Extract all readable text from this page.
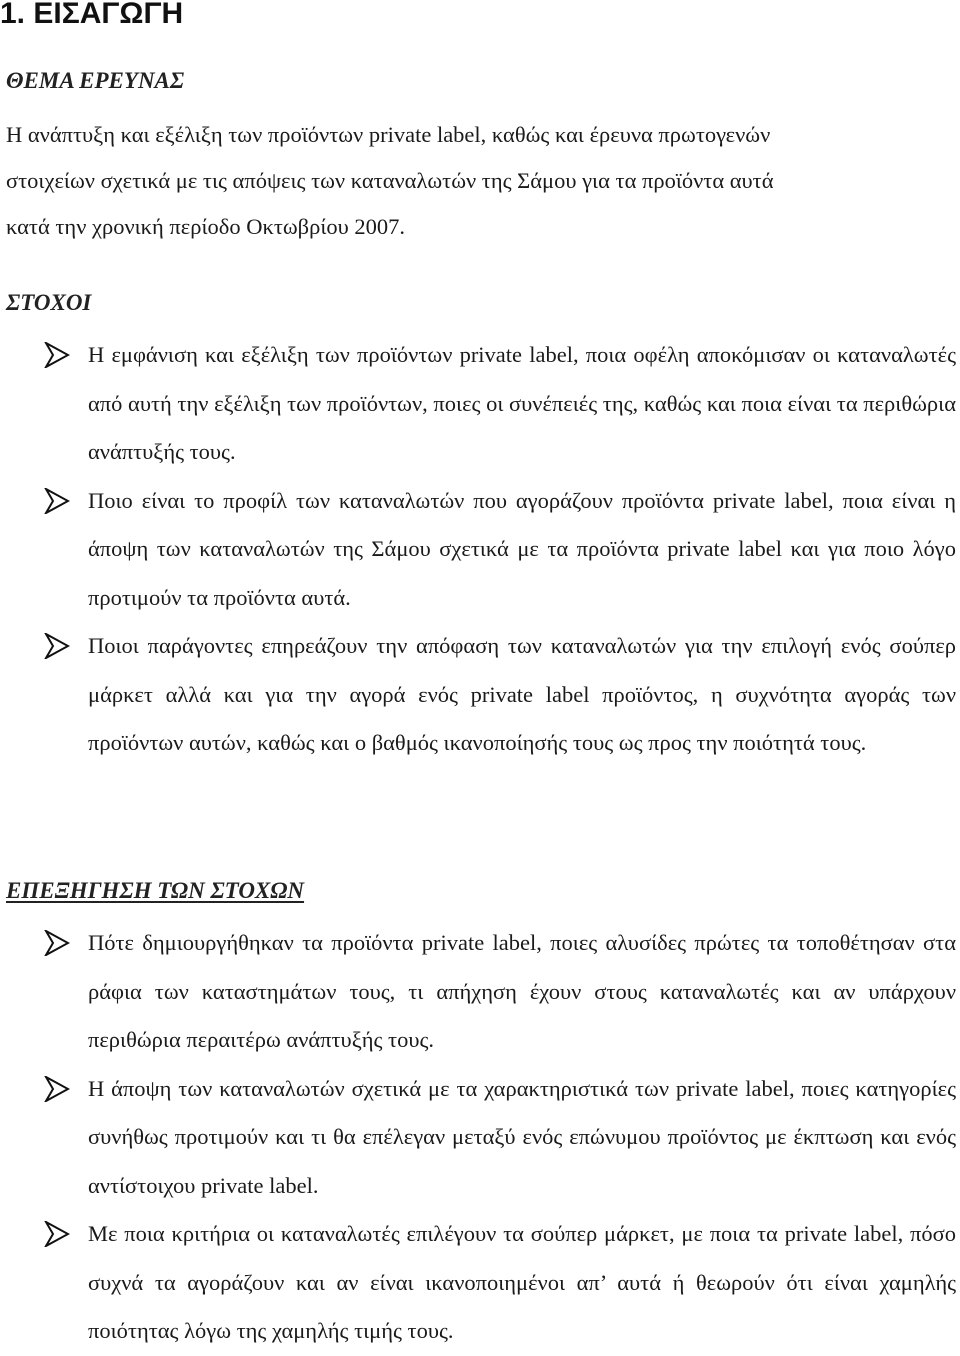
1. ΕΙΣΑΓΩΓΗ
ΘΕΜΑ ΕΡΕΥΝΑΣ
Η ανάπτυξη και εξέλιξη των προϊόντων private label, καθώς και έρευνα πρωτογενών
στοιχείων σχετικά με τις απόψεις των καταναλωτών της Σάμου για τα προϊόντα αυτά
κατά την χρονική περίοδο Οκτωβρίου 2007.
ΣΤΟΧΟΙ
Η εμφάνιση και εξέλιξη των προϊόντων private label, ποια οφέλη αποκόμισαν οι καταναλωτές από αυτή την εξέλιξη των προϊόντων, ποιες οι συνέπειές της, καθώς και ποια είναι τα περιθώρια ανάπτυξής τους.
Ποιο είναι το προφίλ των καταναλωτών που αγοράζουν προϊόντα private label, ποια είναι η άποψη των καταναλωτών της Σάμου σχετικά με τα προϊόντα private label και για ποιο λόγο προτιμούν τα προϊόντα αυτά.
Ποιοι παράγοντες επηρεάζουν την απόφαση των καταναλωτών για την επιλογή ενός σούπερ μάρκετ αλλά και για την αγορά ενός private label προϊόντος, η συχνότητα αγοράς των προϊόντων αυτών, καθώς και ο βαθμός ικανοποίησής τους ως προς την ποιότητά τους.
ΕΠΕΞΗΓΗΣΗ ΤΩΝ ΣΤΟΧΩΝ
Πότε δημιουργήθηκαν τα προϊόντα private label, ποιες αλυσίδες πρώτες τα τοποθέτησαν στα ράφια των καταστημάτων τους, τι απήχηση έχουν στους καταναλωτές και αν υπάρχουν περιθώρια περαιτέρω ανάπτυξής τους.
Η άποψη των καταναλωτών σχετικά με τα χαρακτηριστικά των private label, ποιες κατηγορίες συνήθως προτιμούν και τι θα επέλεγαν μεταξύ ενός επώνυμου προϊόντος με έκπτωση και ενός αντίστοιχου private label.
Με ποια κριτήρια οι καταναλωτές επιλέγουν τα σούπερ μάρκετ, με ποια τα private label, πόσο συχνά τα αγοράζουν και αν είναι ικανοποιημένοι απ’ αυτά ή θεωρούν ότι είναι χαμηλής ποιότητας λόγω της χαμηλής τιμής τους.
